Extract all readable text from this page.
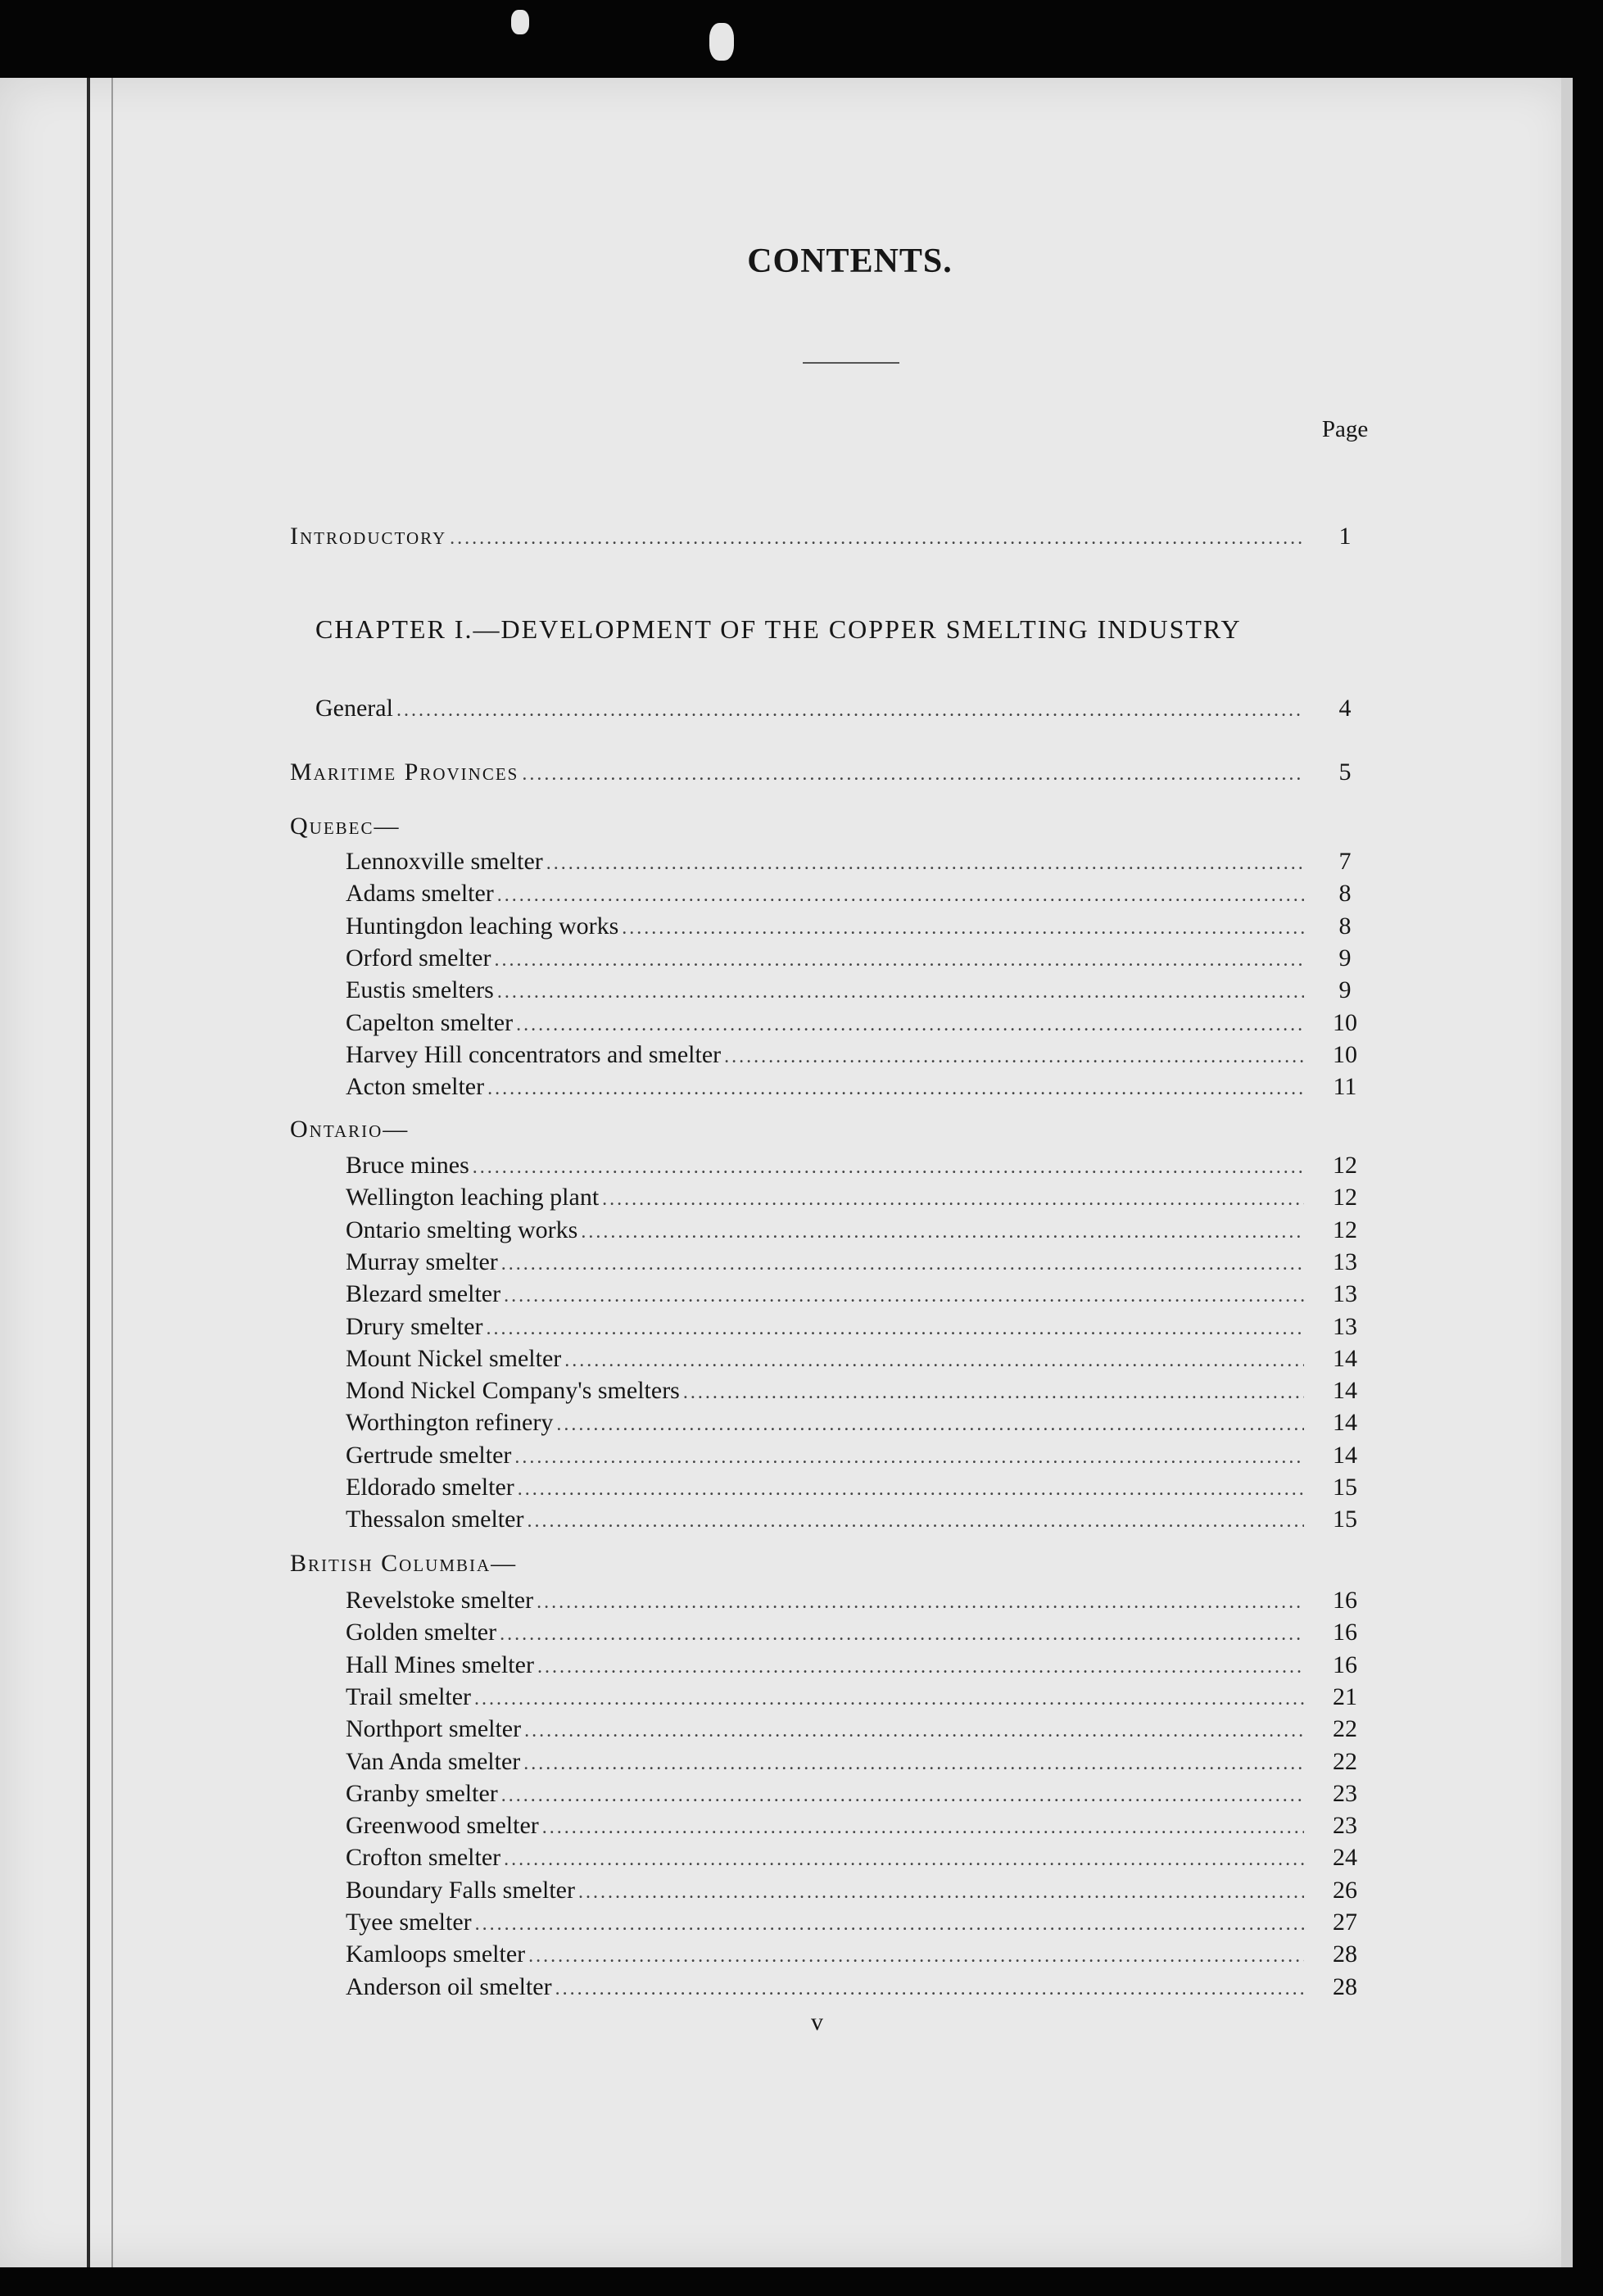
CONTENTS.
Page
Introductory .....	1
CHAPTER I.—DEVELOPMENT OF THE COPPER SMELTING INDUSTRY
General .....	4
Maritime Provinces .....	5
Quebec—
Lennoxville smelter .....	7
Adams smelter .....	8
Huntingdon leaching works .....	8
Orford smelter .....	9
Eustis smelters .....	9
Capelton smelter .....	10
Harvey Hill concentrators and smelter .....	10
Acton smelter .....	11
Ontario—
Bruce mines .....	12
Wellington leaching plant .....	12
Ontario smelting works .....	12
Murray smelter .....	13
Blezard smelter .....	13
Drury smelter .....	13
Mount Nickel smelter .....	14
Mond Nickel Company's smelters .....	14
Worthington refinery .....	14
Gertrude smelter .....	14
Eldorado smelter .....	15
Thessalon smelter .....	15
British Columbia—
Revelstoke smelter .....	16
Golden smelter .....	16
Hall Mines smelter .....	16
Trail smelter .....	21
Northport smelter .....	22
Van Anda smelter .....	22
Granby smelter .....	23
Greenwood smelter .....	23
Crofton smelter .....	24
Boundary Falls smelter .....	26
Tyee smelter .....	27
Kamloops smelter .....	28
Anderson oil smelter .....	28
v
